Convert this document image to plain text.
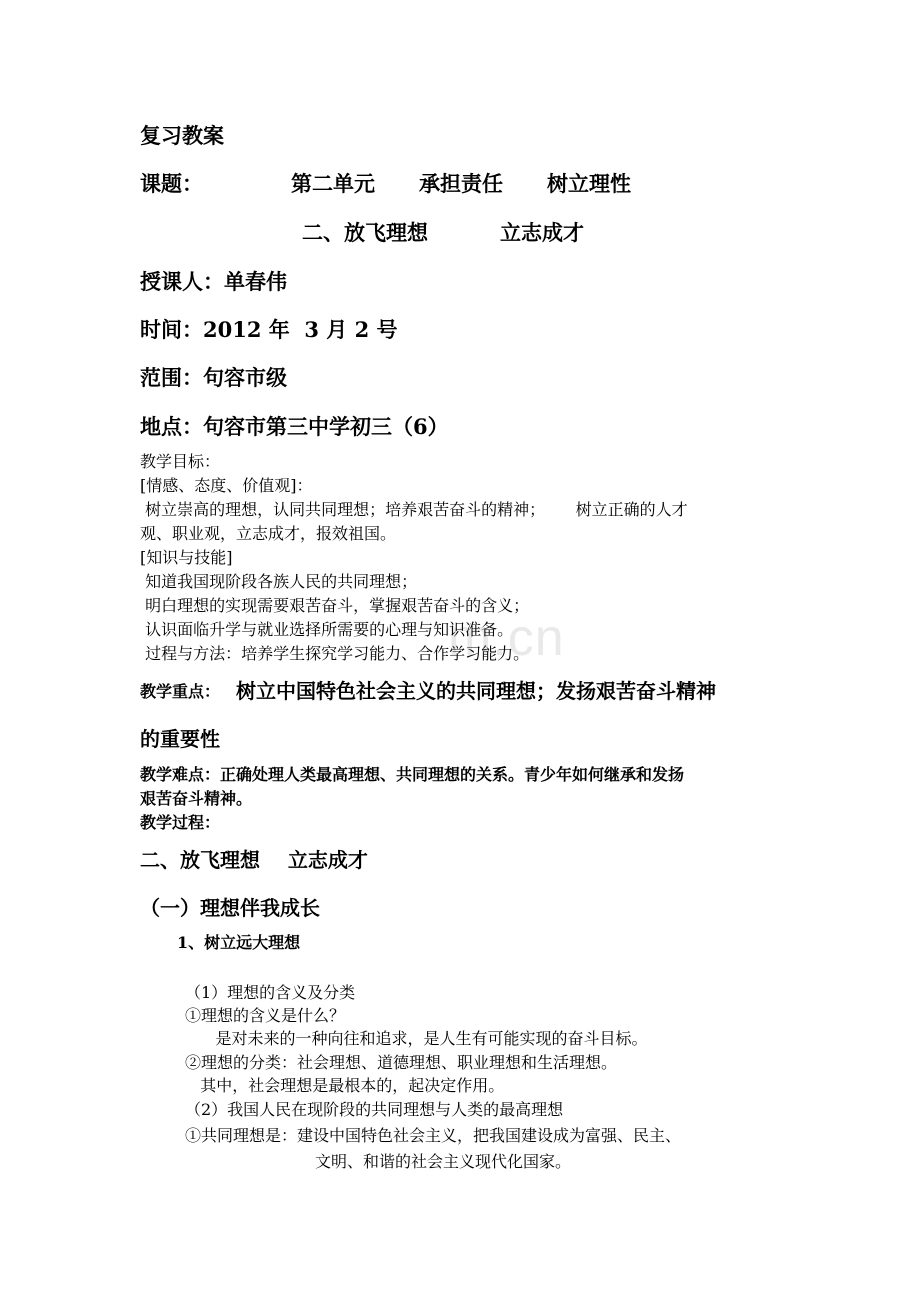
m.cn
复习教案
课题：	第二单元 承担责任 树立理性
二、放飞理想	立志成才
授课人：单春伟
时间：2012 年  3 月 2 号
范围：句容市级
地点：句容市第三中学初三（6）
教学目标：
[情感、态度、价值观]：
树立崇高的理想，认同共同理想；培养艰苦奋斗的精神；      树立正确的人才
观、职业观，立志成才，报效祖国。
[知识与技能]
知道我国现阶段各族人民的共同理想；
明白理想的实现需要艰苦奋斗，掌握艰苦奋斗的含义；
认识面临升学与就业选择所需要的心理与知识准备。
过程与方法：培养学生探究学习能力、合作学习能力。
教学重点： 树立中国特色社会主义的共同理想；发扬艰苦奋斗精神
的重要性
教学难点：正确处理人类最高理想、共同理想的关系。青少年如何继承和发扬
艰苦奋斗精神。
教学过程：
二、放飞理想    立志成才
（一）理想伴我成长
1、树立远大理想
（1）理想的含义及分类
①理想的含义是什么？
是对未来的一种向往和追求，是人生有可能实现的奋斗目标。
②理想的分类：社会理想、道德理想、职业理想和生活理想。
其中，社会理想是最根本的，起决定作用。
（2）我国人民在现阶段的共同理想与人类的最高理想
①共同理想是：建设中国特色社会主义，把我国建设成为富强、民主、
文明、和谐的社会主义现代化国家。
